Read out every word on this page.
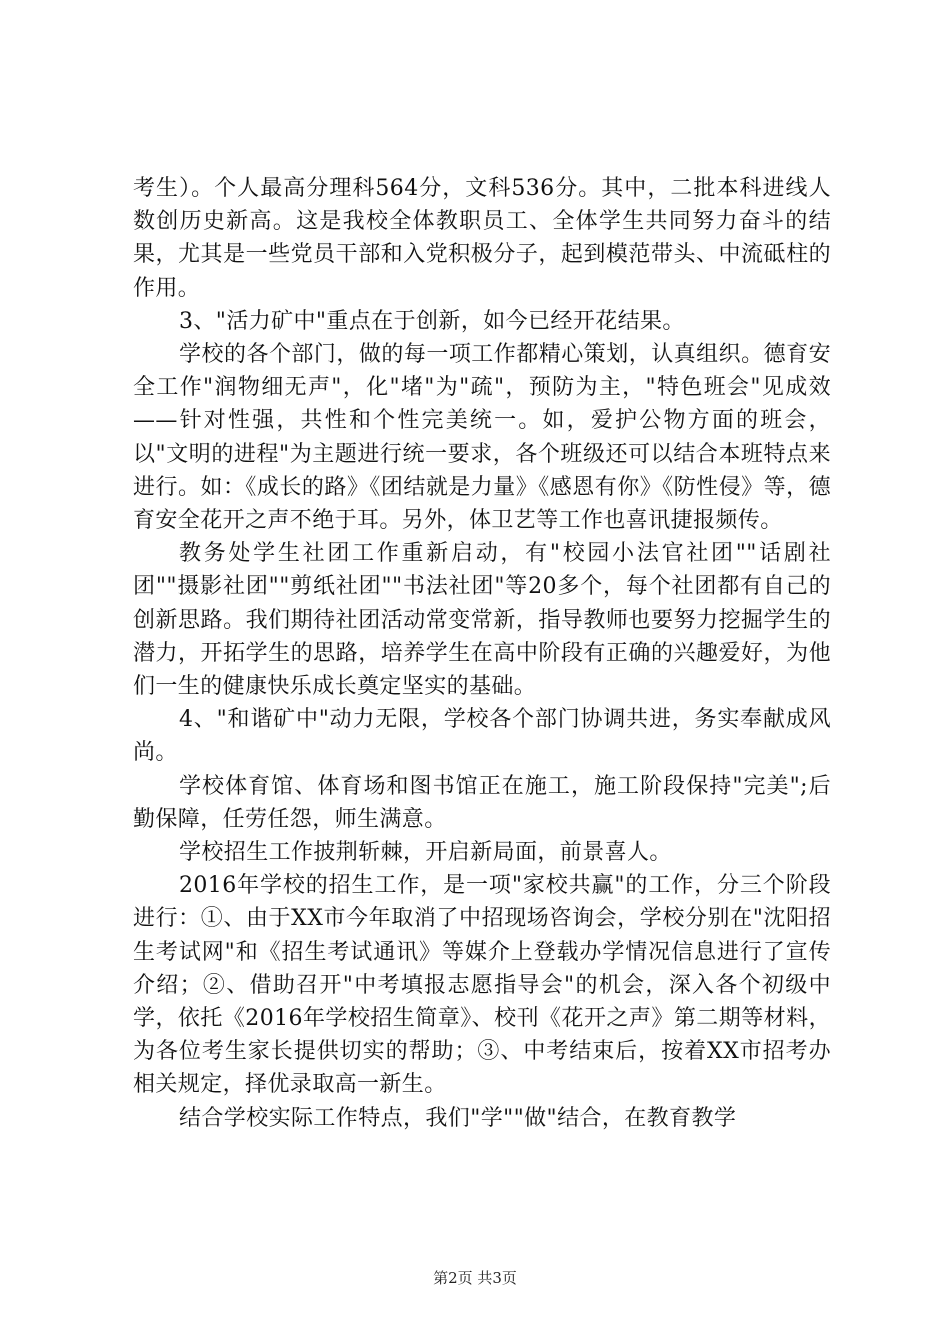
考生）。个人最高分理科564分，文科536分。其中，二批本科进线人数创历史新高。这是我校全体教职员工、全体学生共同努力奋斗的结果，尤其是一些党员干部和入党积极分子，起到模范带头、中流砥柱的作用。

3、"活力矿中"重点在于创新，如今已经开花结果。

学校的各个部门，做的每一项工作都精心策划，认真组织。德育安全工作"润物细无声"，化"堵"为"疏"，预防为主，"特色班会"见成效——针对性强，共性和个性完美统一。如，爱护公物方面的班会，以"文明的进程"为主题进行统一要求，各个班级还可以结合本班特点来进行。如：《成长的路》《团结就是力量》《感恩有你》《防性侵》等，德育安全花开之声不绝于耳。另外，体卫艺等工作也喜讯捷报频传。

教务处学生社团工作重新启动，有"校园小法官社团""话剧社团""摄影社团""剪纸社团""书法社团"等20多个，每个社团都有自己的创新思路。我们期待社团活动常变常新，指导教师也要努力挖掘学生的潜力，开拓学生的思路，培养学生在高中阶段有正确的兴趣爱好，为他们一生的健康快乐成长奠定坚实的基础。

4、"和谐矿中"动力无限，学校各个部门协调共进，务实奉献成风尚。

学校体育馆、体育场和图书馆正在施工，施工阶段保持"完美";后勤保障，任劳任怨，师生满意。

学校招生工作披荆斩棘，开启新局面，前景喜人。

2016年学校的招生工作，是一项"家校共赢"的工作，分三个阶段进行：①、由于XX市今年取消了中招现场咨询会，学校分别在"沈阳招生考试网"和《招生考试通讯》等媒介上登载办学情况信息进行了宣传介绍；②、借助召开"中考填报志愿指导会"的机会，深入各个初级中学，依托《2016年学校招生简章》、校刊《花开之声》第二期等材料，为各位考生家长提供切实的帮助；③、中考结束后，按着XX市招考办相关规定，择优录取高一新生。

结合学校实际工作特点，我们"学""做"结合，在教育教学

第2页 共3页
